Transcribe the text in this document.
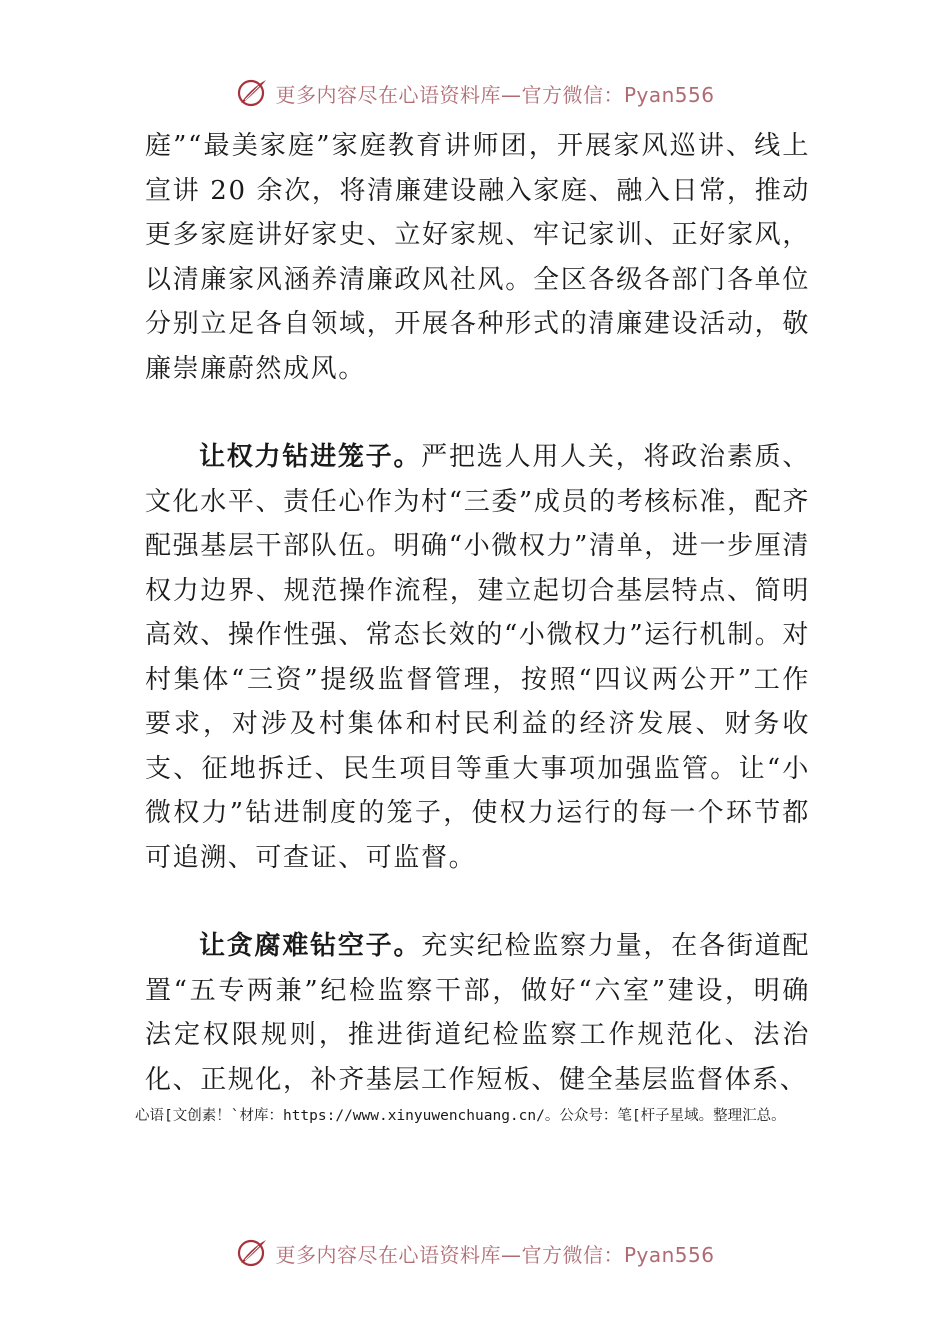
更多内容尽在心语资料库—官方微信：Pyan556

庭”“最美家庭”家庭教育讲师团，开展家风巡讲、线上宣讲 20 余次，将清廉建设融入家庭、融入日常，推动更多家庭讲好家史、立好家规、牢记家训、正好家风，以清廉家风涵养清廉政风社风。全区各级各部门各单位分别立足各自领域，开展各种形式的清廉建设活动，敬廉崇廉蔚然成风。

让权力钻进笼子。严把选人用人关，将政治素质、文化水平、责任心作为村“三委”成员的考核标准，配齐配强基层干部队伍。明确“小微权力”清单，进一步厘清权力边界、规范操作流程，建立起切合基层特点、简明高效、操作性强、常态长效的“小微权力”运行机制。对村集体“三资”提级监督管理，按照“四议两公开”工作要求，对涉及村集体和村民利益的经济发展、财务收支、征地拆迁、民生项目等重大事项加强监管。让“小微权力”钻进制度的笼子，使权力运行的每一个环节都可追溯、可查证、可监督。

让贪腐难钻空子。充实纪检监察力量，在各街道配置“五专两兼”纪检监察干部，做好“六室”建设，明确法定权限规则，推进街道纪检监察工作规范化、法治化、正规化，补齐基层工作短板、健全基层监督体系、

心语[文创素！`材库：https://www.xinyuwenchuang.cn/。公众号：笔[杆子星域。整理汇总。
更多内容尽在心语资料库—官方微信：Pyan556
